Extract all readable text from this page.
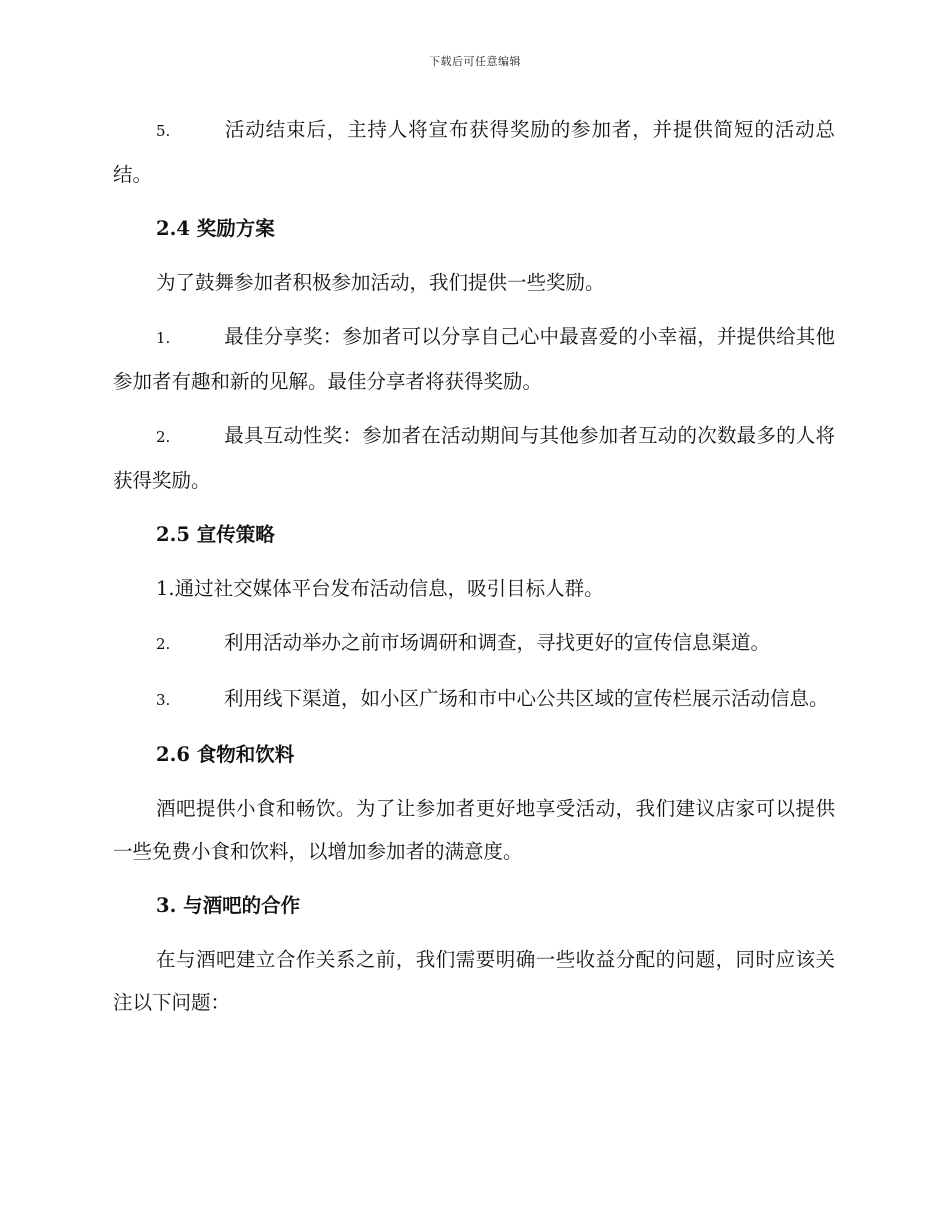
下载后可任意编辑

5.	活动结束后，主持人将宣布获得奖励的参加者，并提供简短的活动总结。

2.4 奖励方案

为了鼓舞参加者积极参加活动，我们提供一些奖励。

1.	最佳分享奖：参加者可以分享自己心中最喜爱的小幸福，并提供给其他参加者有趣和新的见解。最佳分享者将获得奖励。

2.	最具互动性奖：参加者在活动期间与其他参加者互动的次数最多的人将获得奖励。

2.5 宣传策略

1.通过社交媒体平台发布活动信息，吸引目标人群。

2.	利用活动举办之前市场调研和调查，寻找更好的宣传信息渠道。

3.	利用线下渠道，如小区广场和市中心公共区域的宣传栏展示活动信息。

2.6 食物和饮料

酒吧提供小食和畅饮。为了让参加者更好地享受活动，我们建议店家可以提供一些免费小食和饮料，以增加参加者的满意度。

3. 与酒吧的合作

在与酒吧建立合作关系之前，我们需要明确一些收益分配的问题，同时应该关注以下问题：
